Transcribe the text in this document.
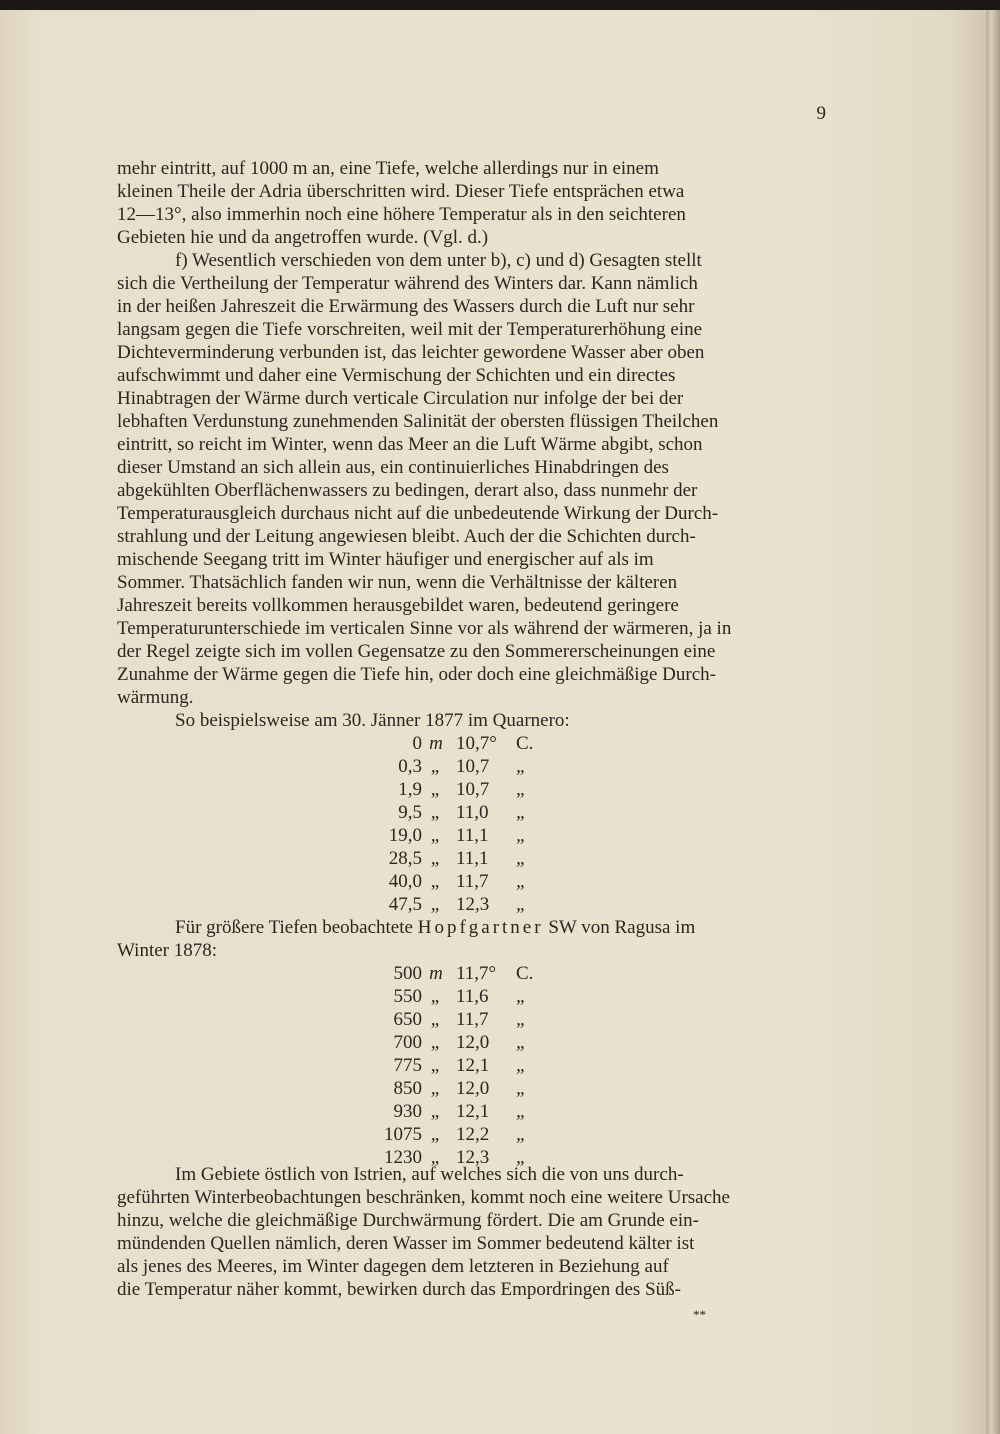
9
mehr eintritt, auf 1000 m an, eine Tiefe, welche allerdings nur in einem
kleinen Theile der Adria überschritten wird. Dieser Tiefe entsprächen etwa
12—13°, also immerhin noch eine höhere Temperatur als in den seichteren
Gebieten hie und da angetroffen wurde. (Vgl. d.)
f) Wesentlich verschieden von dem unter b), c) und d) Gesagten stellt
sich die Vertheilung der Temperatur während des Winters dar. Kann nämlich
in der heißen Jahreszeit die Erwärmung des Wassers durch die Luft nur sehr
langsam gegen die Tiefe vorschreiten, weil mit der Temperaturerhöhung eine
Dichteverminderung verbunden ist, das leichter gewordene Wasser aber oben
aufschwimmt und daher eine Vermischung der Schichten und ein directes
Hinabtragen der Wärme durch verticale Circulation nur infolge der bei der
lebhaften Verdunstung zunehmenden Salinität der obersten flüssigen Theilchen
eintritt, so reicht im Winter, wenn das Meer an die Luft Wärme abgibt, schon
dieser Umstand an sich allein aus, ein continuierliches Hinabdringen des
abgekühlten Oberflächenwassers zu bedingen, derart also, dass nunmehr der
Temperaturausgleich durchaus nicht auf die unbedeutende Wirkung der Durch-
strahlung und der Leitung angewiesen bleibt. Auch der die Schichten durch-
mischende Seegang tritt im Winter häufiger und energischer auf als im
Sommer. Thatsächlich fanden wir nun, wenn die Verhältnisse der kälteren
Jahreszeit bereits vollkommen herausgebildet waren, bedeutend geringere
Temperaturunterschiede im verticalen Sinne vor als während der wärmeren, ja in
der Regel zeigte sich im vollen Gegensatze zu den Sommererscheinungen eine
Zunahme der Wärme gegen die Tiefe hin, oder doch eine gleichmäßige Durch-
wärmung.
So beispielsweise am 30. Jänner 1877 im Quarnero:
0 m 10,7°	C.
0,3 „ 10,7	„
1,9 „ 10,7	„
9,5 „ 11,0	„
19,0 „ 11,1	„
28,5 „ 11,1	„
40,0 „ 11,7	„
47,5 „ 12,3	„
Für größere Tiefen beobachtete Hopfgartner SW von Ragusa im
Winter 1878:
500 m 11,7°	C.
550 „ 11,6	„
650 „ 11,7	„
700 „ 12,0	„
775 „ 12,1	„
850 „ 12,0	„
930 „ 12,1	„
1075 „ 12,2	„
1230 „ 12,3	„
Im Gebiete östlich von Istrien, auf welches sich die von uns durch-
geführten Winterbeobachtungen beschränken, kommt noch eine weitere Ursache
hinzu, welche die gleichmäßige Durchwärmung fördert. Die am Grunde ein-
mündenden Quellen nämlich, deren Wasser im Sommer bedeutend kälter ist
als jenes des Meeres, im Winter dagegen dem letzteren in Beziehung auf
die Temperatur näher kommt, bewirken durch das Empordringen des Süß-
**
